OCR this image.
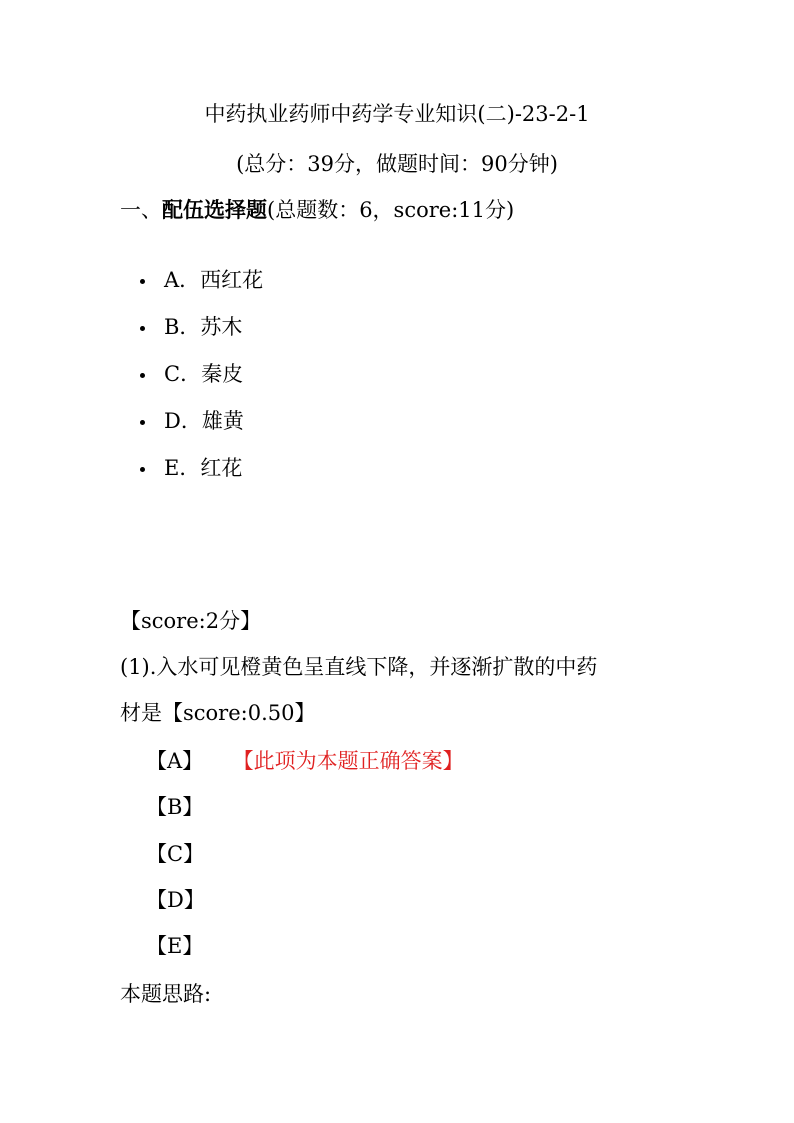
中药执业药师中药学专业知识(二)-23-2-1
(总分：39分，做题时间：90分钟)
一、配伍选择题(总题数：6，score:11分)
A．西红花
B．苏木
C．秦皮
D．雄黄
E．红花
【score:2分】
(1).入水可见橙黄色呈直线下降，并逐渐扩散的中药
材是【score:0.50】
【A】 【此项为本题正确答案】
【B】
【C】
【D】
【E】
本题思路:
